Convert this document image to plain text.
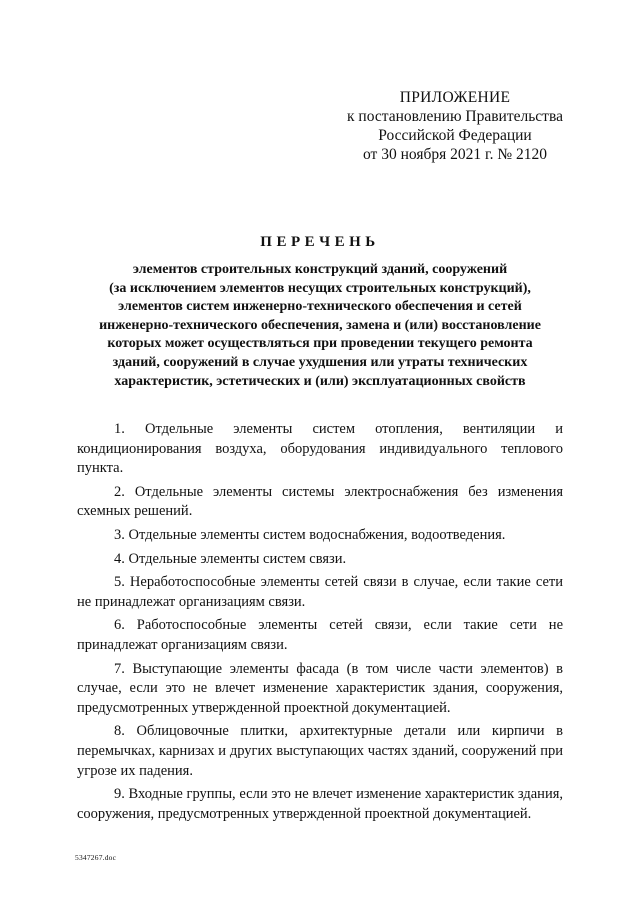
ПРИЛОЖЕНИЕ
к постановлению Правительства
Российской Федерации
от 30 ноября 2021 г. № 2120
ПЕРЕЧЕНЬ
элементов строительных конструкций зданий, сооружений
(за исключением элементов несущих строительных конструкций),
элементов систем инженерно-технического обеспечения и сетей
инженерно-технического обеспечения, замена и (или) восстановление
которых может осуществляться при проведении текущего ремонта
зданий, сооружений в случае ухудшения или утраты технических
характеристик, эстетических и (или) эксплуатационных свойств

1. Отдельные элементы систем отопления, вентиляции и кондиционирования воздуха, оборудования индивидуального теплового пункта.

2. Отдельные элементы системы электроснабжения без изменения схемных решений.

3. Отдельные элементы систем водоснабжения, водоотведения.

4. Отдельные элементы систем связи.

5. Неработоспособные элементы сетей связи в случае, если такие сети не принадлежат организациям связи.

6. Работоспособные элементы сетей связи, если такие сети не принадлежат организациям связи.

7. Выступающие элементы фасада (в том числе части элементов) в случае, если это не влечет изменение характеристик здания, сооружения, предусмотренных утвержденной проектной документацией.

8. Облицовочные плитки, архитектурные детали или кирпичи в перемычках, карнизах и других выступающих частях зданий, сооружений при угрозе их падения.

9. Входные группы, если это не влечет изменение характеристик здания, сооружения, предусмотренных утвержденной проектной документацией.

5347267.doc
